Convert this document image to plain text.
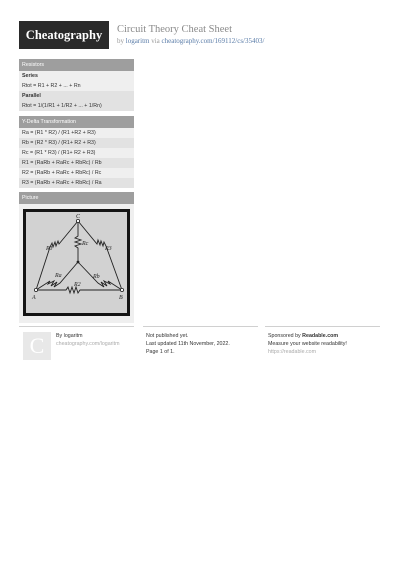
Cheatography	Circuit Theory Cheat Sheet
by logaritm via cheatography.com/169112/cs/35403/
Resistors
Series
Rtot = R1 + R2 + ... + Rn
Parallel
Rtot = 1/(1/R1 + 1/R2 + ... + 1/Rn)
Y-Delta Transformation
Ra = (R1 * R2) / (R1 +R2 + R3)
Rb = (R2 * R3) / (R1+ R2 + R3)
Rc = (R1 * R3) / (R1+ R2 + R3)
R1 = (RaRb + RaRc + RbRc) / Rb
R2 = (RaRb + RaRc + RbRc) / Rc
R3 = (RaRb + RaRc + RbRc) / Ra
Picture
C
A	B
R1	R3
Rc
Ra	Rb
R2
C	By logaritm
cheatography.com/logaritm
Not published yet.
Last updated 11th November, 2022.
Page 1 of 1.
Sponsored by Readable.com
Measure your website readability!
https://readable.com
